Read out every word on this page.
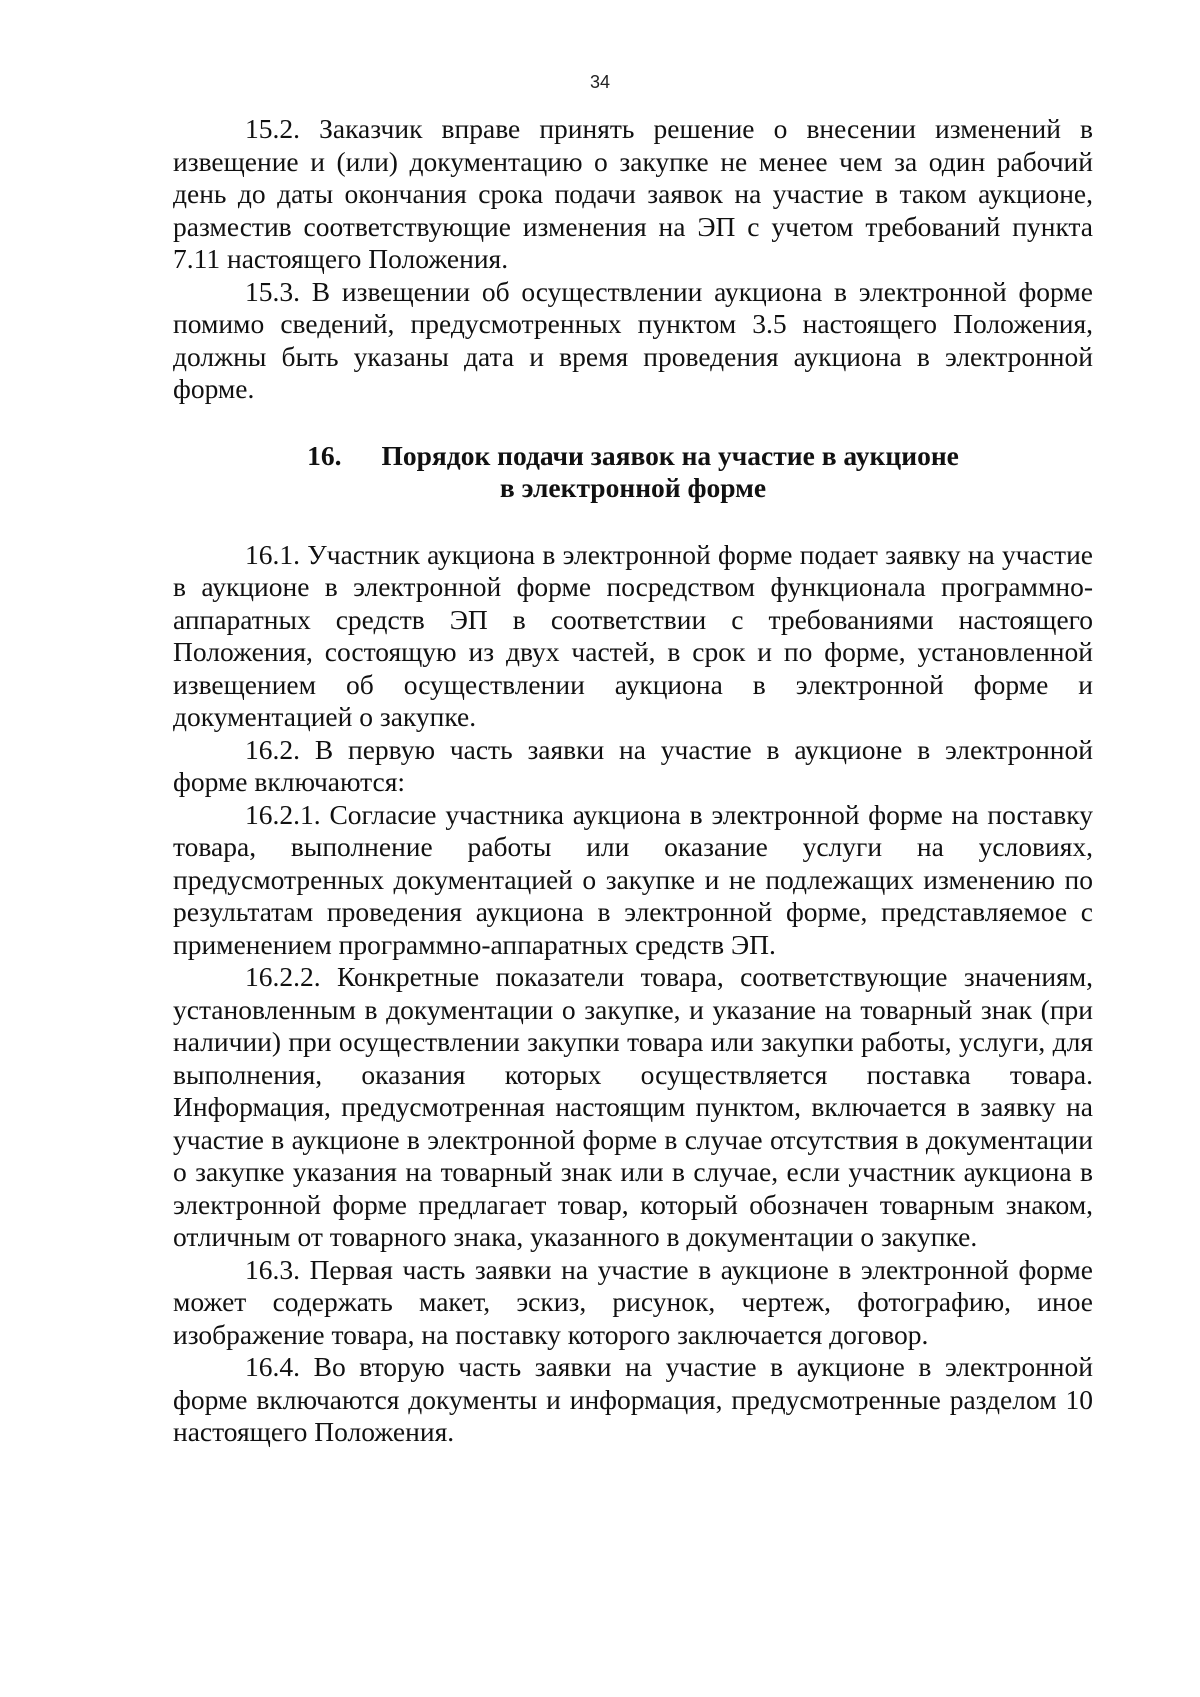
34

15.2. Заказчик вправе принять решение о внесении изменений в извещение и (или) документацию о закупке не менее чем за один рабочий день до даты окончания срока подачи заявок на участие в таком аукционе, разместив соответствующие изменения на ЭП с учетом требований пункта 7.11 настоящего Положения.

15.3. В извещении об осуществлении аукциона в электронной форме помимо сведений, предусмотренных пунктом 3.5 настоящего Положения, должны быть указаны дата и время проведения аукциона в электронной форме.

16. Порядок подачи заявок на участие в аукционе
в электронной форме

16.1. Участник аукциона в электронной форме подает заявку на участие в аукционе в электронной форме посредством функционала программно-аппаратных средств ЭП в соответствии с требованиями настоящего Положения, состоящую из двух частей, в срок и по форме, установленной извещением об осуществлении аукциона в электронной форме и документацией о закупке.

16.2. В первую часть заявки на участие в аукционе в электронной форме включаются:

16.2.1. Согласие участника аукциона в электронной форме на поставку товара, выполнение работы или оказание услуги на условиях, предусмотренных документацией о закупке и не подлежащих изменению по результатам проведения аукциона в электронной форме, представляемое с применением программно-аппаратных средств ЭП.

16.2.2. Конкретные показатели товара, соответствующие значениям, установленным в документации о закупке, и указание на товарный знак (при наличии) при осуществлении закупки товара или закупки работы, услуги, для выполнения, оказания которых осуществляется поставка товара. Информация, предусмотренная настоящим пунктом, включается в заявку на участие в аукционе в электронной форме в случае отсутствия в документации о закупке указания на товарный знак или в случае, если участник аукциона в электронной форме предлагает товар, который обозначен товарным знаком, отличным от товарного знака, указанного в документации о закупке.

16.3. Первая часть заявки на участие в аукционе в электронной форме может содержать макет, эскиз, рисунок, чертеж, фотографию, иное изображение товара, на поставку которого заключается договор.

16.4. Во вторую часть заявки на участие в аукционе в электронной форме включаются документы и информация, предусмотренные разделом 10 настоящего Положения.
